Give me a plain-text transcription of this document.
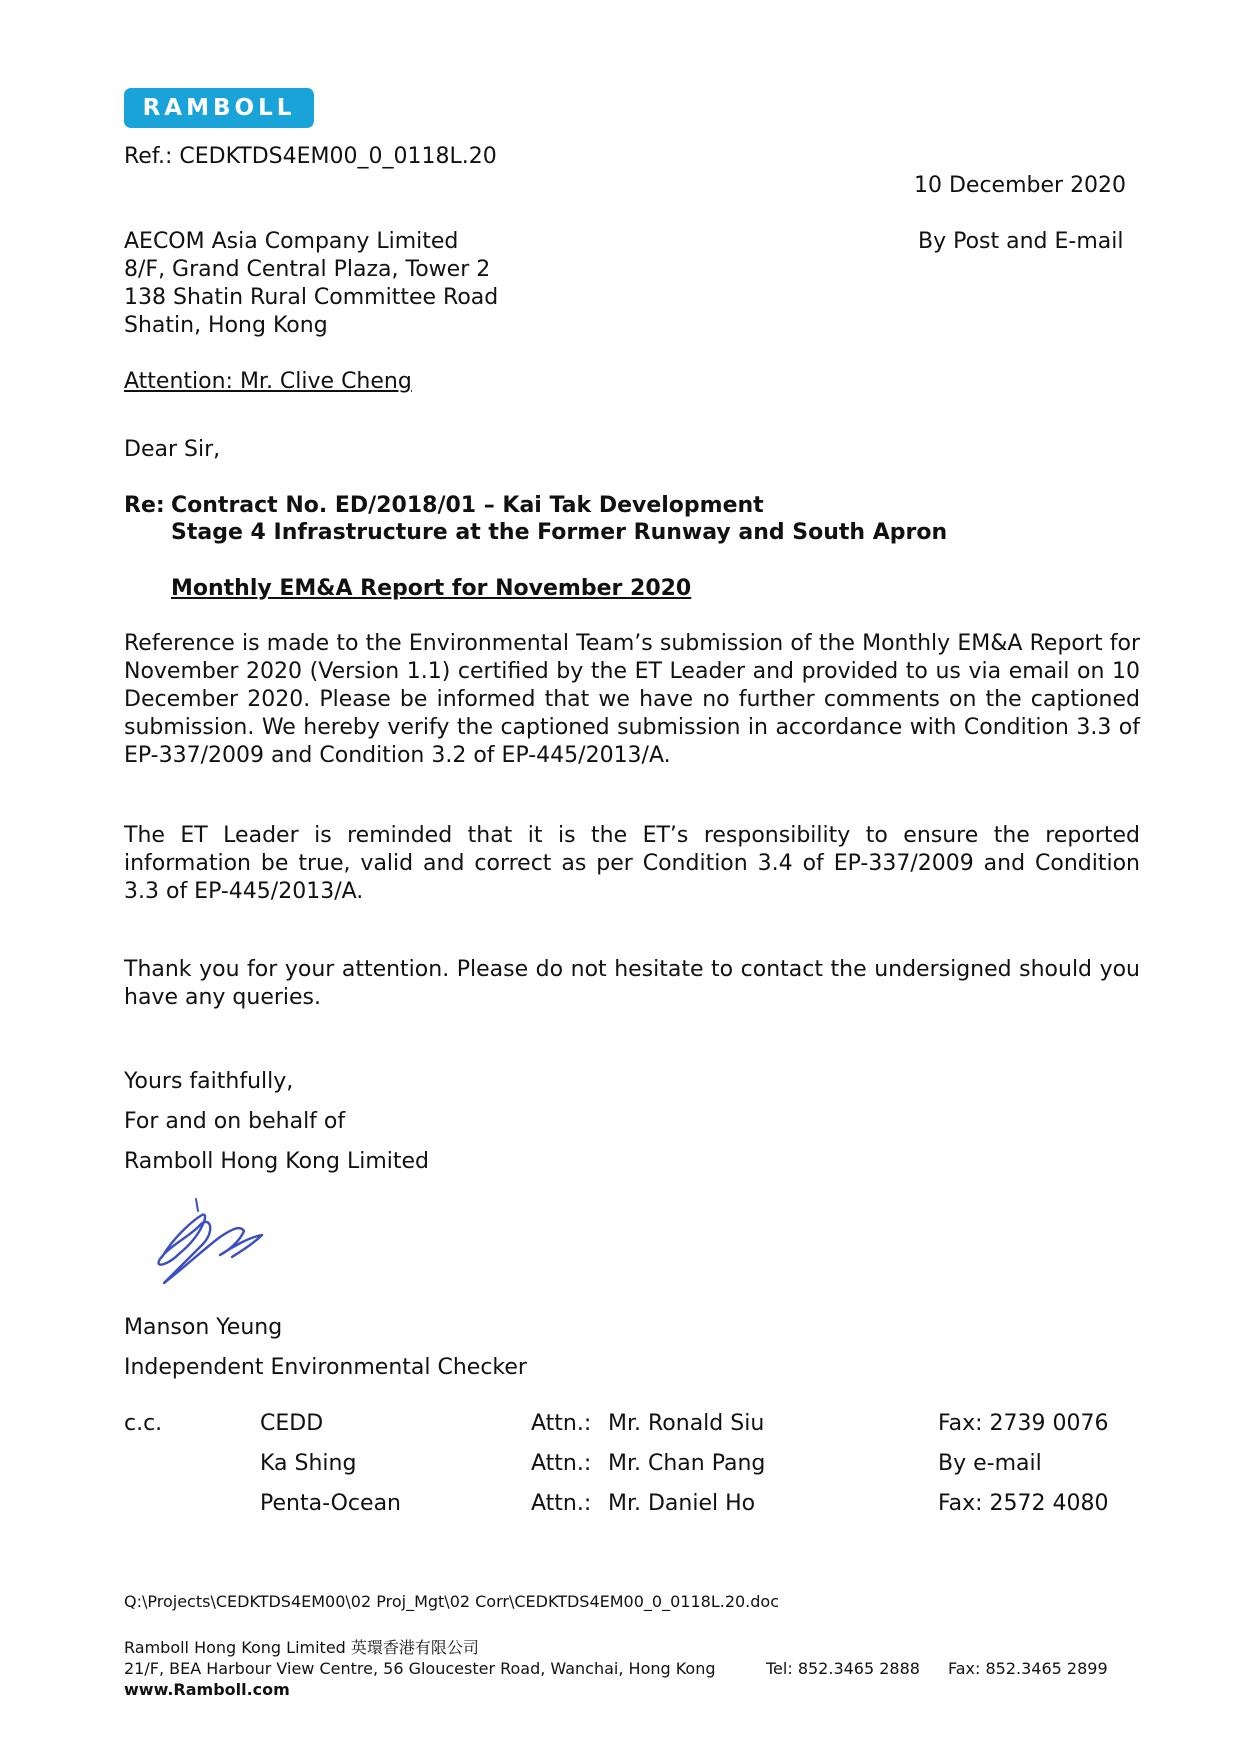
RAMBOLL
Ref.: CEDKTDS4EM00_0_0118L.20
10 December 2020
By Post and E-mail
AECOM Asia Company Limited
8/F, Grand Central Plaza, Tower 2
138 Shatin Rural Committee Road
Shatin, Hong Kong
Attention: Mr. Clive Cheng
Dear Sir,
Re: Contract No. ED/2018/01 – Kai Tak Development
Stage 4 Infrastructure at the Former Runway and South Apron
Monthly EM&A Report for November 2020
Reference is made to the Environmental Team’s submission of the Monthly EM&A Report for November 2020 (Version 1.1) certified by the ET Leader and provided to us via email on 10 December 2020. Please be informed that we have no further comments on the captioned submission. We hereby verify the captioned submission in accordance with Condition 3.3 of EP-337/2009 and Condition 3.2 of EP-445/2013/A.
The ET Leader is reminded that it is the ET’s responsibility to ensure the reported information be true, valid and correct as per Condition 3.4 of EP-337/2009 and Condition 3.3 of EP-445/2013/A.
Thank you for your attention. Please do not hesitate to contact the undersigned should you have any queries.
Yours faithfully,
For and on behalf of
Ramboll Hong Kong Limited
Manson Yeung
Independent Environmental Checker
c.c.	CEDD	Attn.: Mr. Ronald Siu	Fax: 2739 0076
Ka Shing	Attn.: Mr. Chan Pang	By e-mail
Penta-Ocean	Attn.: Mr. Daniel Ho	Fax: 2572 4080
Q:\Projects\CEDKTDS4EM00\02 Proj_Mgt\02 Corr\CEDKTDS4EM00_0_0118L.20.doc
Ramboll Hong Kong Limited 英環香港有限公司
21/F, BEA Harbour View Centre, 56 Gloucester Road, Wanchai, Hong Kong	Tel: 852.3465 2888 Fax: 852.3465 2899
www.Ramboll.com
